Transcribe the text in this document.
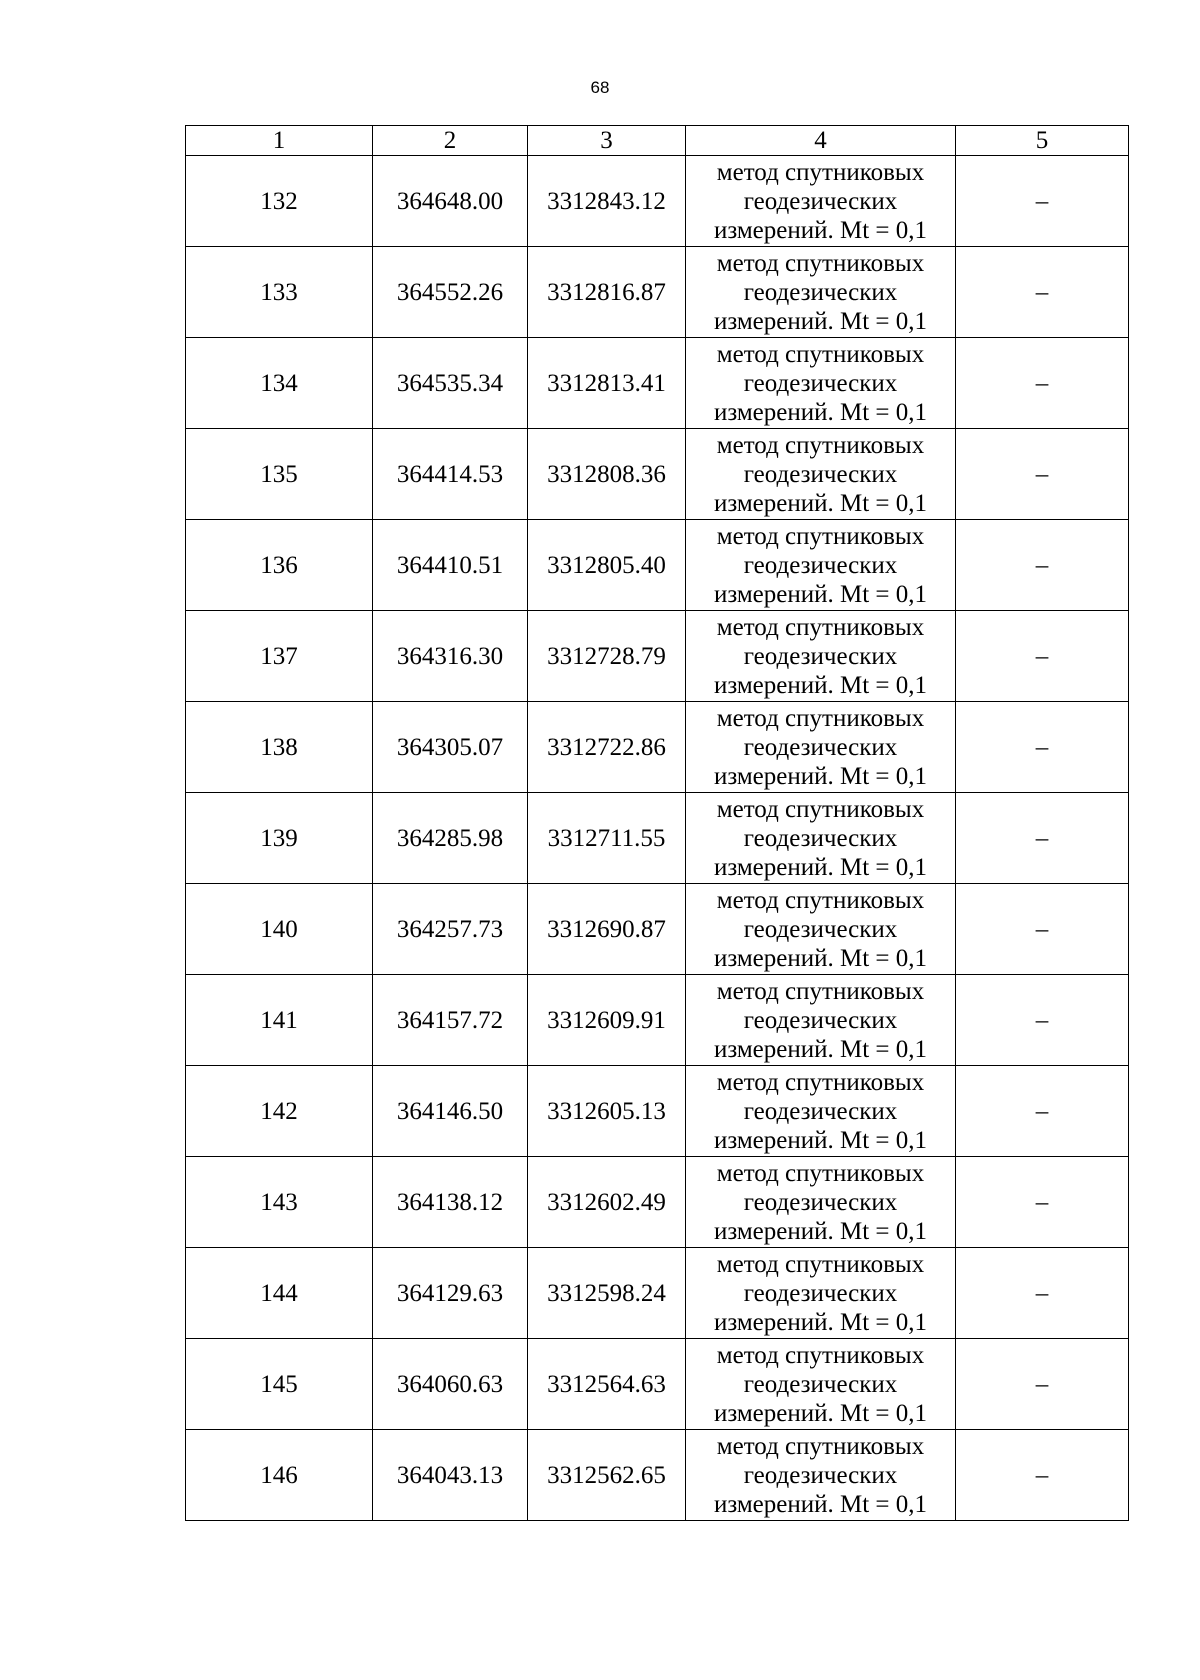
68
1	2	3	4	5
132	364648.00	3312843.12	метод спутниковых
геодезических
измерений. Mt = 0,1	–
133	364552.26	3312816.87	метод спутниковых
геодезических
измерений. Mt = 0,1	–
134	364535.34	3312813.41	метод спутниковых
геодезических
измерений. Mt = 0,1	–
135	364414.53	3312808.36	метод спутниковых
геодезических
измерений. Mt = 0,1	–
136	364410.51	3312805.40	метод спутниковых
геодезических
измерений. Mt = 0,1	–
137	364316.30	3312728.79	метод спутниковых
геодезических
измерений. Mt = 0,1	–
138	364305.07	3312722.86	метод спутниковых
геодезических
измерений. Mt = 0,1	–
139	364285.98	3312711.55	метод спутниковых
геодезических
измерений. Mt = 0,1	–
140	364257.73	3312690.87	метод спутниковых
геодезических
измерений. Mt = 0,1	–
141	364157.72	3312609.91	метод спутниковых
геодезических
измерений. Mt = 0,1	–
142	364146.50	3312605.13	метод спутниковых
геодезических
измерений. Mt = 0,1	–
143	364138.12	3312602.49	метод спутниковых
геодезических
измерений. Mt = 0,1	–
144	364129.63	3312598.24	метод спутниковых
геодезических
измерений. Mt = 0,1	–
145	364060.63	3312564.63	метод спутниковых
геодезических
измерений. Mt = 0,1	–
146	364043.13	3312562.65	метод спутниковых
геодезических
измерений. Mt = 0,1	–
